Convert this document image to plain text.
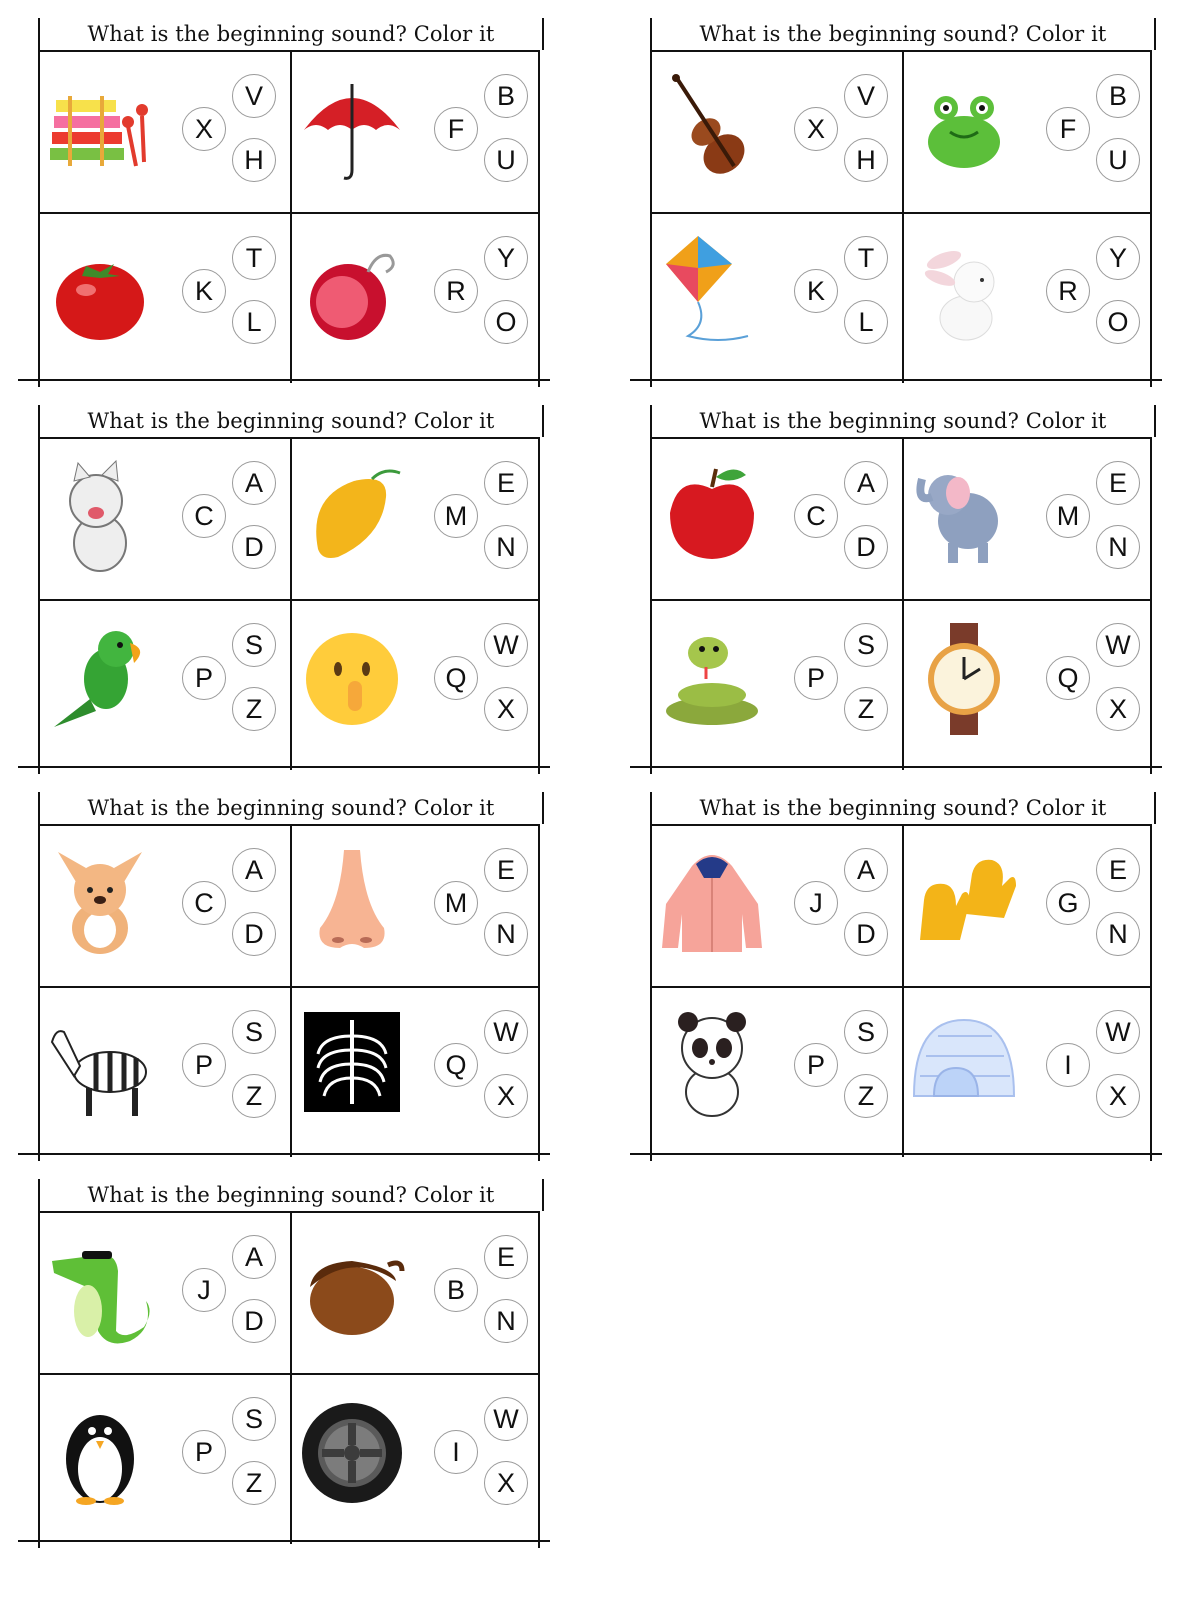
What is the beginning sound? Color it
X
V
H
F
B
U
K
T
L
R
Y
O
What is the beginning sound? Color it
X
V
H
F
B
U
K
T
L
R
Y
O
What is the beginning sound? Color it
C
A
D
M
E
N
P
S
Z
Q
W
X
What is the beginning sound? Color it
C
A
D
M
E
N
P
S
Z
Q
W
X
What is the beginning sound? Color it
C
A
D
M
E
N
P
S
Z
Q
W
X
What is the beginning sound? Color it
J
A
D
G
E
N
P
S
Z
I
W
X
What is the beginning sound? Color it
J
A
D
B
E
N
P
S
Z
I
W
X
